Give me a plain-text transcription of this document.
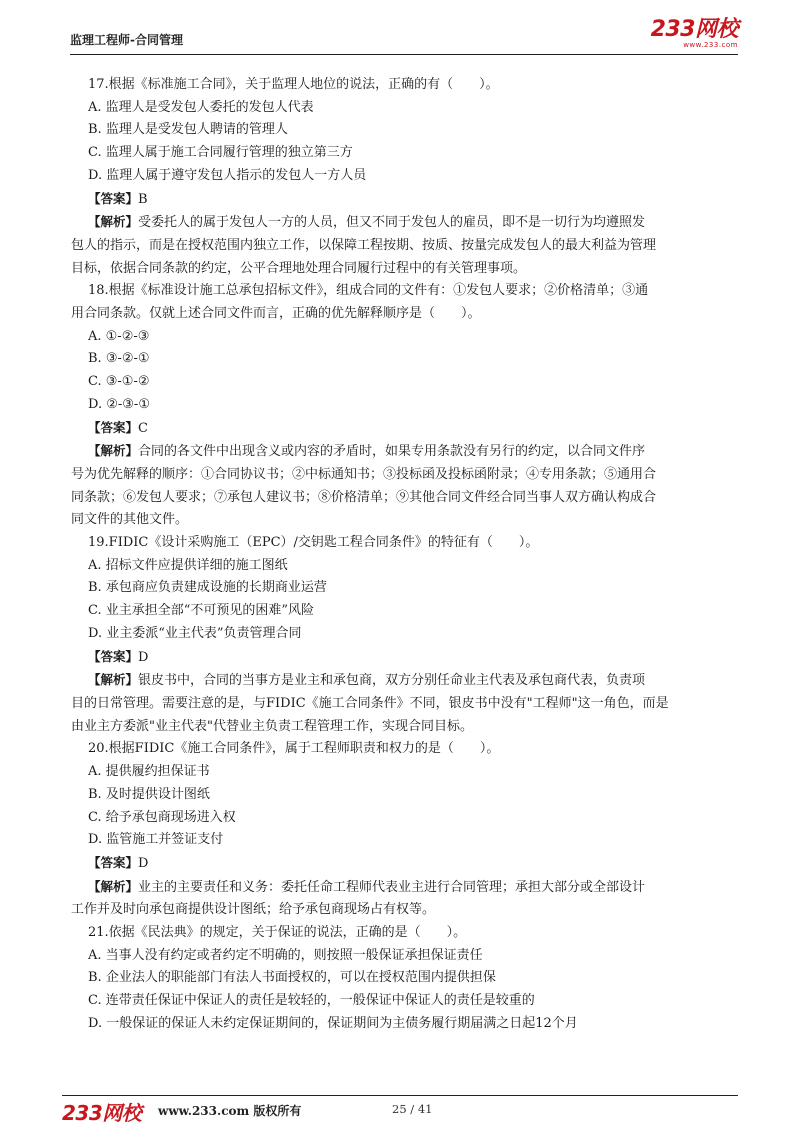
监理工程师-合同管理	233网校
www.233.com
17.根据《标准施工合同》，关于监理人地位的说法，正确的有（　　）。
A. 监理人是受发包人委托的发包人代表
B. 监理人是受发包人聘请的管理人
C. 监理人属于施工合同履行管理的独立第三方
D. 监理人属于遵守发包人指示的发包人一方人员
【答案】B
【解析】受委托人的属于发包人一方的人员，但又不同于发包人的雇员，即不是一切行为均遵照发
包人的指示，而是在授权范围内独立工作，以保障工程按期、按质、按量完成发包人的最大利益为管理
目标，依据合同条款的约定，公平合理地处理合同履行过程中的有关管理事项。
18.根据《标准设计施工总承包招标文件》，组成合同的文件有：①发包人要求；②价格清单；③通
用合同条款。仅就上述合同文件而言，正确的优先解释顺序是（　　）。
A. ①-②-③
B. ③-②-①
C. ③-①-②
D. ②-③-①
【答案】C
【解析】合同的各文件中出现含义或内容的矛盾时，如果专用条款没有另行的约定，以合同文件序
号为优先解释的顺序：①合同协议书；②中标通知书；③投标函及投标函附录；④专用条款；⑤通用合
同条款；⑥发包人要求；⑦承包人建议书；⑧价格清单；⑨其他合同文件经合同当事人双方确认构成合
同文件的其他文件。
19.FIDIC《设计采购施工（EPC）/交钥匙工程合同条件》的特征有（　　）。
A. 招标文件应提供详细的施工图纸
B. 承包商应负责建成设施的长期商业运营
C. 业主承担全部“不可预见的困难”风险
D. 业主委派“业主代表”负责管理合同
【答案】D
【解析】银皮书中，合同的当事方是业主和承包商，双方分别任命业主代表及承包商代表，负责项
目的日常管理。需要注意的是，与FIDIC《施工合同条件》不同，银皮书中没有"工程师"这一角色，而是
由业主方委派"业主代表"代替业主负责工程管理工作，实现合同目标。
20.根据FIDIC《施工合同条件》，属于工程师职责和权力的是（　　）。
A. 提供履约担保证书
B. 及时提供设计图纸
C. 给予承包商现场进入权
D. 监管施工并签证支付
【答案】D
【解析】业主的主要责任和义务：委托任命工程师代表业主进行合同管理；承担大部分或全部设计
工作并及时向承包商提供设计图纸；给予承包商现场占有权等。
21.依据《民法典》的规定，关于保证的说法，正确的是（　　）。
A. 当事人没有约定或者约定不明确的，则按照一般保证承担保证责任
B. 企业法人的职能部门有法人书面授权的，可以在授权范围内提供担保
C. 连带责任保证中保证人的责任是较轻的，一般保证中保证人的责任是较重的
D. 一般保证的保证人未约定保证期间的，保证期间为主债务履行期届满之日起12个月
233网校 www.233.com 版权所有	25 / 41
